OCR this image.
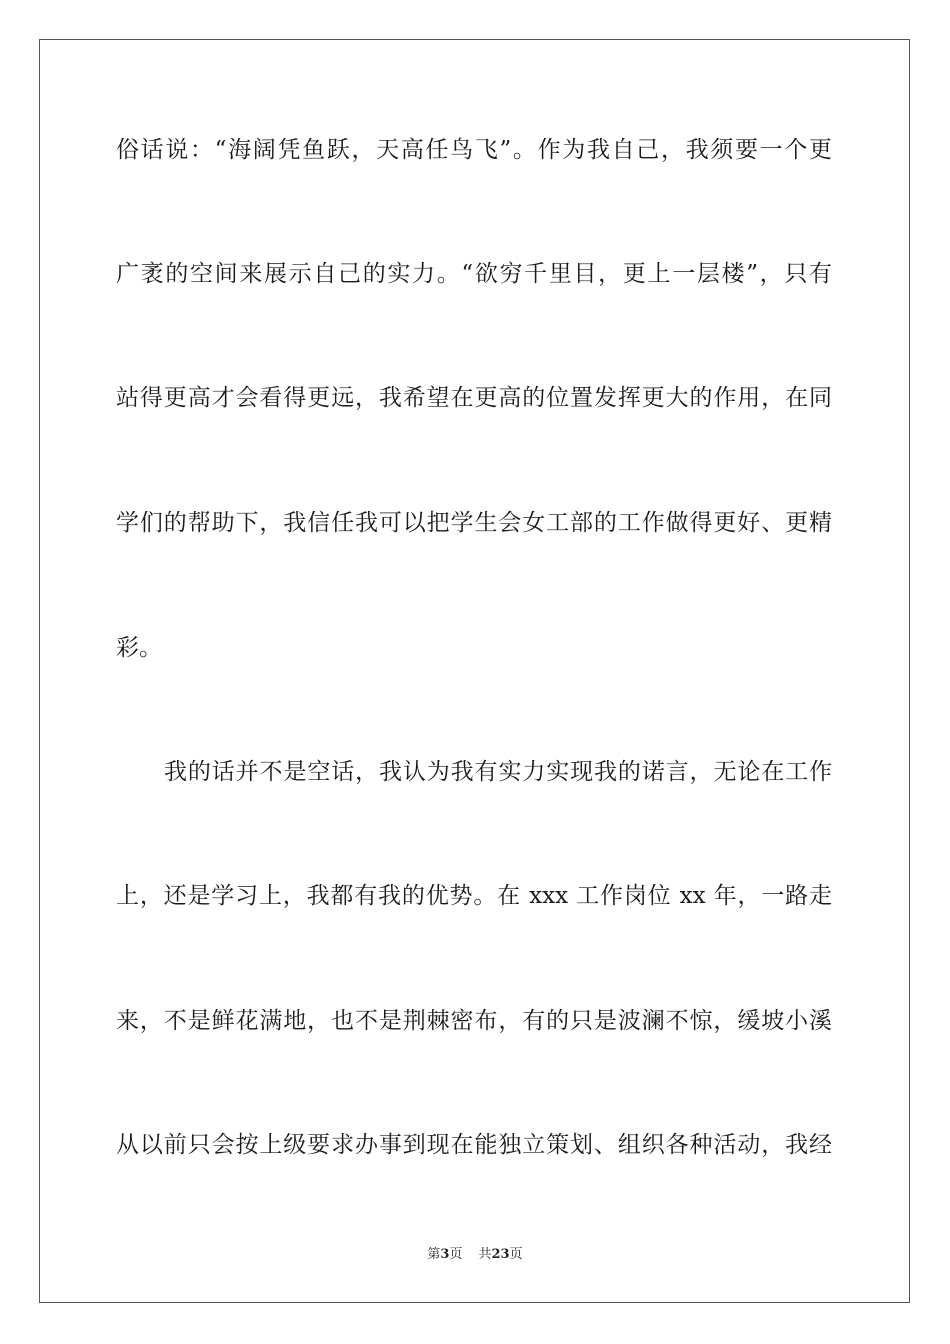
俗话说：“海阔凭鱼跃，天高任鸟飞”。作为我自己，我须要一个更
广袤的空间来展示自己的实力。“欲穷千里目，更上一层楼”，只有
站得更高才会看得更远，我希望在更高的位置发挥更大的作用，在同
学们的帮助下，我信任我可以把学生会女工部的工作做得更好、更精
彩。
我的话并不是空话，我认为我有实力实现我的诺言，无论在工作
上，还是学习上，我都有我的优势。在 xxx 工作岗位 xx 年，一路走
来，不是鲜花满地，也不是荆棘密布，有的只是波澜不惊，缓坡小溪
从以前只会按上级要求办事到现在能独立策划、组织各种活动，我经
第3页 共23页
